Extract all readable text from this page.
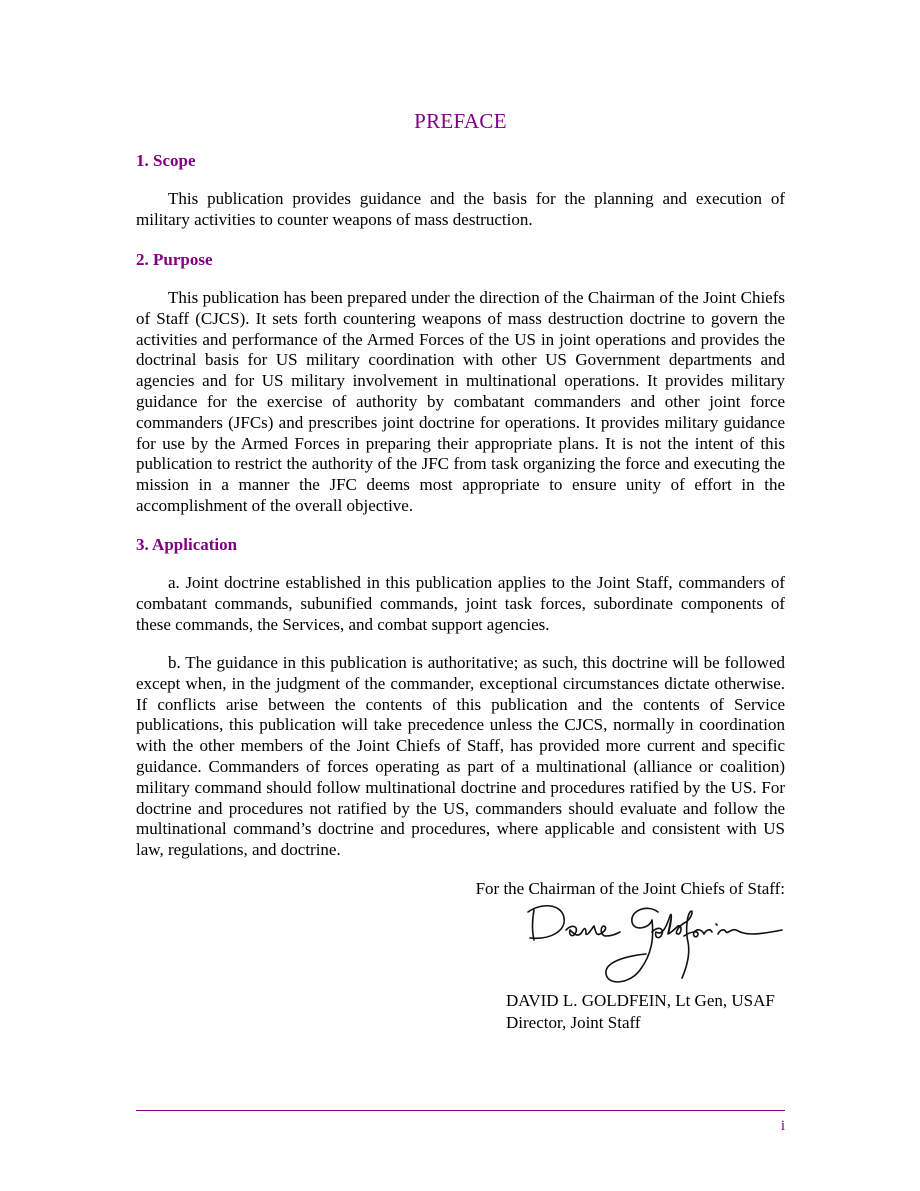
PREFACE
1. Scope

This publication provides guidance and the basis for the planning and execution of military activities to counter weapons of mass destruction.

2. Purpose

This publication has been prepared under the direction of the Chairman of the Joint Chiefs of Staff (CJCS). It sets forth countering weapons of mass destruction doctrine to govern the activities and performance of the Armed Forces of the US in joint operations and provides the doctrinal basis for US military coordination with other US Government departments and agencies and for US military involvement in multinational operations. It provides military guidance for the exercise of authority by combatant commanders and other joint force commanders (JFCs) and prescribes joint doctrine for operations. It provides military guidance for use by the Armed Forces in preparing their appropriate plans. It is not the intent of this publication to restrict the authority of the JFC from task organizing the force and executing the mission in a manner the JFC deems most appropriate to ensure unity of effort in the accomplishment of the overall objective.

3. Application

a. Joint doctrine established in this publication applies to the Joint Staff, commanders of combatant commands, subunified commands, joint task forces, subordinate components of these commands, the Services, and combat support agencies.

b. The guidance in this publication is authoritative; as such, this doctrine will be followed except when, in the judgment of the commander, exceptional circumstances dictate otherwise. If conflicts arise between the contents of this publication and the contents of Service publications, this publication will take precedence unless the CJCS, normally in coordination with the other members of the Joint Chiefs of Staff, has provided more current and specific guidance. Commanders of forces operating as part of a multinational (alliance or coalition) military command should follow multinational doctrine and procedures ratified by the US. For doctrine and procedures not ratified by the US, commanders should evaluate and follow the multinational command’s doctrine and procedures, where applicable and consistent with US law, regulations, and doctrine.

For the Chairman of the Joint Chiefs of Staff:
DAVID L. GOLDFEIN, Lt Gen, USAF
Director, Joint Staff
i
